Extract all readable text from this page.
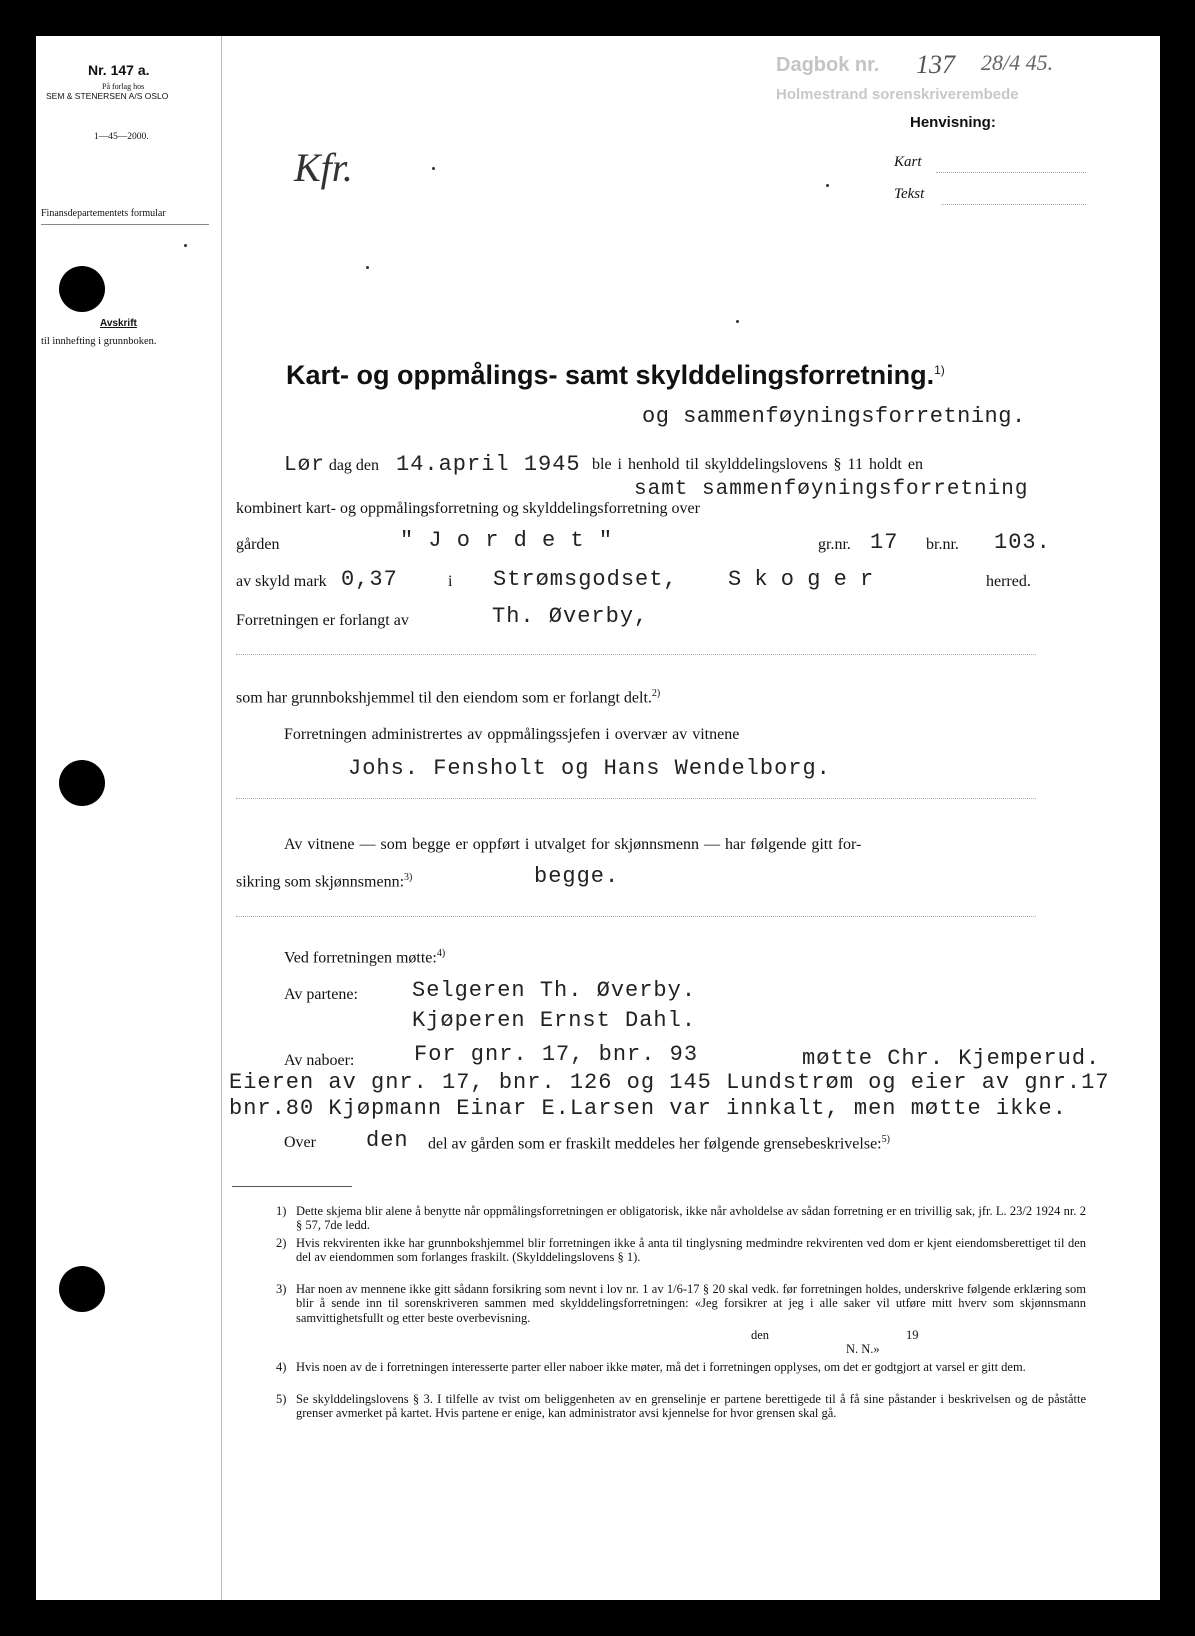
Nr. 147 a.
På forlag hos
SEM & STENERSEN A/S OSLO
1—45—2000.
Finansdepartementets formular
Avskrift
til innhefting i grunnboken.
Dagbok nr. 137 28/4 45.
Holmestrand sorenskriverembede
Henvisning:
Kart
Tekst
Kfr.
Kart- og oppmålings- samt skylddelingsforretning.$^{1)}$
og sammenføyningsforretning.
Lør dag den 14.april 1945 ble i henhold til skylddelingslovens § 11 holdt en
samt sammenføyningsforretning
kombinert kart- og oppmålingsforretning og skylddelingsforretning over
gården	" J o r d e t "	gr.nr. 17 br.nr. 103.
av skyld mark 0,37	i Strømsgodset, S k o g e r	herred.
Forretningen er forlangt av	Th. Øverby,
som har grunnbokshjemmel til den eiendom som er forlangt delt.$^{2)}$
Forretningen administrertes av oppmålingssjefen i overvær av vitnene
Johs. Fensholt og Hans Wendelborg.
Av vitnene — som begge er oppført i utvalget for skjønnsmenn — har følgende gitt for-
sikring som skjønnsmenn:$^{3)}$	begge.
Ved forretningen møtte:$^{4)}$
Av partene: Selgeren Th. Øverby.
Kjøperen Ernst Dahl.
Av naboer:	For gnr. 17, bnr. 93	møtte Chr. Kjemperud.
Eieren av gnr. 17, bnr. 126 og 145 Lundstrøm og eier av gnr.17
bnr.80 Kjøpmann Einar E.Larsen var innkalt, men møtte ikke.
Over den del av gården som er fraskilt meddeles her følgende grensebeskrivelse:$^{5)}$
1) Dette skjema blir alene å benytte når oppmålingsforretningen er obligatorisk, ikke når avholdelse av sådan forretning er en trivillig sak, jfr. L. 23/2 1924 nr. 2 § 57, 7de ledd.
2) Hvis rekvirenten ikke har grunnbokshjemmel blir forretningen ikke å anta til tinglysning medmindre rekvirenten ved dom er kjent eiendomsberettiget til den del av eiendommen som forlanges fraskilt. (Skylddelingslovens § 1).
3) Har noen av mennene ikke gitt sådann forsikring som nevnt i lov nr. 1 av 1/6-17 § 20 skal vedk. før forretningen holdes, underskrive følgende erklæring som blir å sende inn til sorenskriveren sammen med skylddelingsforretningen: «Jeg forsikrer at jeg i alle saker vil utføre mitt hverv som skjønnsmann samvittighetsfullt og etter beste overbevisning.
den	19
N. N.»
4) Hvis noen av de i forretningen interesserte parter eller naboer ikke møter, må det i forretningen opplyses, om det er godtgjort at varsel er gitt dem.
5) Se skylddelingslovens § 3. I tilfelle av tvist om beliggenheten av en grenselinje er partene berettigede til å få sine påstander i beskrivelsen og de påståtte grenser avmerket på kartet. Hvis partene er enige, kan administrator avsi kjennelse for hvor grensen skal gå.
